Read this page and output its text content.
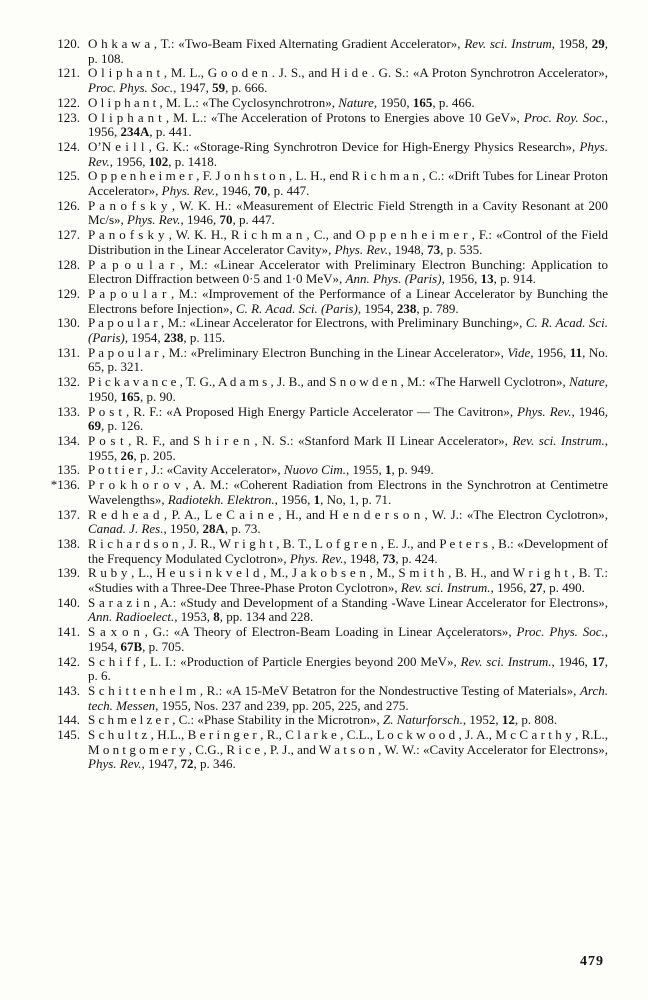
120. O h k a w a , T.: «Two-Beam Fixed Alternating Gradient Accelerator», Rev. sci. Instrum, 1958, 29, p. 108.
121. O l i p h a n t , M. L., G o o d e n . J. S., and H i d e . G. S.: «A Proton Synchrotron Accelerator», Proc. Phys. Soc., 1947, 59, p. 666.
122. O l i p h a n t , M. L.: «The Cyclosynchrotron», Nature, 1950, 165, p. 466.
123. O l i p h a n t , M. L.: «The Acceleration of Protons to Energies above 10 GeV», Proc. Roy. Soc., 1956, 234A, p. 441.
124. O’N e i l l , G. K.: «Storage-Ring Synchrotron Device for High-Energy Physics Research», Phys. Rev., 1956, 102, p. 1418.
125. O p p e n h e i m e r , F. J o n h s t o n , L. H., end R i c h m a n , C.: «Drift Tubes for Linear Proton Accelerator», Phys. Rev., 1946, 70, p. 447.
126. P a n o f s k y , W. K. H.: «Measurement of Electric Field Strength in a Cavity Resonant at 200 Mc/s», Phys. Rev., 1946, 70, p. 447.
127. P a n o f s k y , W. K. H., R i c h m a n , C., and O p p e n h e i m e r , F.: «Control of the Field Distribution in the Linear Accelerator Cavity», Phys. Rev., 1948, 73, p. 535.
128. P a p o u l a r , M.: «Linear Accelerator with Preliminary Electron Bunching: Application to Electron Diffraction between 0·5 and 1·0 MeV», Ann. Phys. (Paris), 1956, 13, p. 914.
129. P a p o u l a r , M.: «Improvement of the Performance of a Linear Accelerator by Bunching the Electrons before Injection», C. R. Acad. Sci. (Paris), 1954, 238, p. 789.
130. P a p o u l a r , M.: «Linear Accelerator for Electrons, with Preliminary Bunching», C. R. Acad. Sci. (Paris), 1954, 238, p. 115.
131. P a p o u l a r , M.: «Preliminary Electron Bunching in the Linear Accelerator», Vide, 1956, 11, No. 65, p. 321.
132. P i c k a v a n c e , T. G., A d a m s , J. B., and S n o w d e n , M.: «The Harwell Cyclotron», Nature, 1950, 165, p. 90.
133. P o s t , R. F.: «A Proposed High Energy Particle Accelerator — The Cavitron», Phys. Rev., 1946, 69, p. 126.
134. P o s t , R. F., and S h i r e n , N. S.: «Stanford Mark II Linear Accelerator», Rev. sci. Instrum., 1955, 26, p. 205.
135. P o t t i e r , J.: «Cavity Accelerator», Nuovo Cim., 1955, 1, p. 949.
*136. P r o k h o r o v , A. M.: «Coherent Radiation from Electrons in the Synchrotron at Centimetre Wavelengths», Radiotekh. Elektron., 1956, 1, No, 1, p. 71.
137. R e d h e a d , P. A., L e C a i n e , H., and H e n d e r s o n , W. J.: «The Electron Cyclotron», Canad. J. Res., 1950, 28A, p. 73.
138. R i c h a r d s o n , J. R., W r i g h t , B. T., L o f g r e n , E. J., and P e t e r s , B.: «Development of the Frequency Modulated Cyclotron», Phys. Rev., 1948, 73, p. 424.
139. R u b y , L., H e u s i n k v e l d , M., J a k o b s e n , M., S m i t h , B. H., and W r i g h t , B. T.: «Studies with a Three-Dee Three-Phase Proton Cyclotron», Rev. sci. Instrum., 1956, 27, p. 490.
140. S a r a z i n , A.: «Study and Development of a Standing -Wave Linear Accelerator for Electrons», Ann. Radioelect., 1953, 8, pp. 134 and 228.
141. S a x o n , G.: «A Theory of Electron-Beam Loading in Linear Açcelerators», Proc. Phys. Soc., 1954, 67B, p. 705.
142. S c h i f f , L. I.: «Production of Particle Energies beyond 200 MeV», Rev. sci. Instrum., 1946, 17, p. 6.
143. S c h i t t e n h e l m , R.: «A 15-MeV Betatron for the Nondestructive Testing of Materials», Arch. tech. Messen, 1955, Nos. 237 and 239, pp. 205, 225, and 275.
144. S c h m e l z e r , C.: «Phase Stability in the Microtron», Z. Naturforsch., 1952, 12, p. 808.
145. S c h u l t z , H.L., B e r i n g e r , R., C l a r k e , C.L., L o c k w o o d , J. A., M c C a r t h y , R.L., M o n t g o m e r y , C.G., R i c e , P. J., and W a t s o n , W. W.: «Cavity Accelerator for Electrons», Phys. Rev., 1947, 72, p. 346.
479
